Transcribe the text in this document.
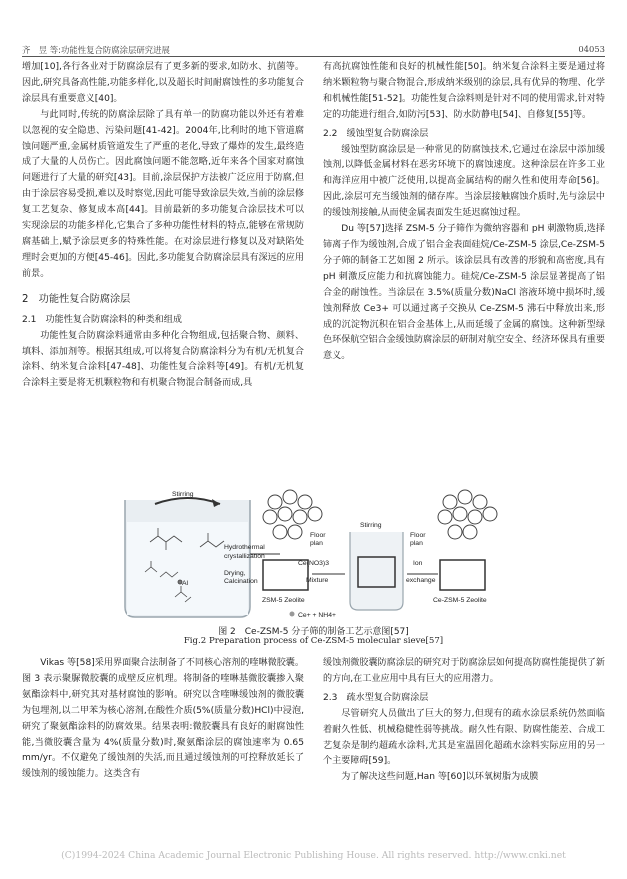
齐　昱 等:功能性复合防腐涂层研究进展	04053

增加[10],各行各业对于防腐涂层有了更多新的要求,如防水、抗菌等。因此,研究具备高性能,功能多样化,以及超长时间耐腐蚀性的多功能复合涂层具有重要意义[40]。

与此同时,传统的防腐涂层除了具有单一的防腐功能以外还有着难以忽视的安全隐患、污染问题[41-42]。2004年,比利时的地下管道腐蚀问题严重,金属材质管道发生了严重的老化,导致了爆炸的发生,最终造成了大量的人员伤亡。因此腐蚀问题不能忽略,近年来各个国家对腐蚀问题进行了大量的研究[43]。目前,涂层保护方法被广泛应用于防腐,但由于涂层容易受损,难以及时察觉,因此可能导致涂层失效,当前的涂层修复工艺复杂、修复成本高[44]。目前最新的多功能复合涂层技术可以实现涂层的功能多样化,它集合了多种功能性材料的特点,能够在常规防腐基础上,赋予涂层更多的特殊性能。在对涂层进行修复以及对缺陷处理时会更加的方便[45-46]。因此,多功能复合防腐涂层具有深远的应用前景。

2　功能性复合防腐涂层

2.1　功能性复合防腐涂料的种类和组成

功能性复合防腐涂料通常由多种化合物组成,包括聚合物、颜料、填料、添加剂等。根据其组成,可以将复合防腐涂料分为有机/无机复合涂料、纳米复合涂料[47-48]、功能性复合涂料等[49]。有机/无机复合涂料主要是将无机颗粒物和有机聚合物混合制备而成,具

有高抗腐蚀性能和良好的机械性能[50]。纳米复合涂料主要是通过将纳米颗粒物与聚合物混合,形成纳米级别的涂层,具有优异的物理、化学和机械性能[51-52]。功能性复合涂料则是针对不同的使用需求,针对特定的功能进行组合,如防污[53]、防水防静电[54]、自修复[55]等。

2.2　缓蚀型复合防腐涂层

缓蚀型防腐涂层是一种常见的防腐蚀技术,它通过在涂层中添加缓蚀剂,以降低金属材料在恶劣环境下的腐蚀速度。这种涂层在许多工业和海洋应用中被广泛使用,以提高金属结构的耐久性和使用寿命[56]。因此,涂层可充当缓蚀剂的储存库。当涂层接触腐蚀介质时,先与涂层中的缓蚀剂接触,从而使金属表面发生延迟腐蚀过程。

Du 等[57]选择 ZSM-5 分子筛作为微纳容器和 pH 刺激物质,选择铈离子作为缓蚀剂,合成了铝合金表面硅烷/Ce-ZSM-5 涂层,Ce-ZSM-5 分子筛的制备工艺如图 2 所示。该涂层具有改善的形貌和高密度,具有 pH 刺激反应能力和抗腐蚀能力。硅烷/Ce-ZSM-5 涂层显著提高了铝合金的耐蚀性。当涂层在 3.5%(质量分数)NaCl 溶液环境中损坏时,缓蚀剂释放 Ce3+ 可以通过离子交换从 Ce-ZSM-5 沸石中释放出来,形成的沉淀物沉积在铝合金基体上,从而延缓了金属的腐蚀。这种新型绿色环保航空铝合金缓蚀防腐涂层的研制对航空安全、经济环保具有重要意义。

Stirring
Al
Hydrothermal
crystallization
Drying,
Calcination
Floor
plan
ZSM-5 Zeolite
Ce(NO3)3
Mixture
Stirring
Ion
exchange
Floor
plan
Ce-ZSM-5 Zeolite
Ce+ + NH4+
图 2　Ce-ZSM-5 分子筛的制备工艺示意图[57]
Fig.2 Preparation process of Ce-ZSM-5 molecular sieve[57]

Vikas 等[58]采用界面聚合法制备了不同核心溶剂的喹啉微胶囊。图 3 表示聚脲微胶囊的成壁反应机理。将制备的喹啉基微胶囊掺入聚氨酯涂料中,研究其对基材腐蚀的影响。研究以含喹啉缓蚀剂的微胶囊为包埋剂,以二甲苯为核心溶剂,在酸性介质(5%(质量分数)HCl)中浸泡,研究了聚氨酯涂料的防腐效果。结果表明:微胶囊具有良好的耐腐蚀性能,当微胶囊含量为 4%(质量分数)时,聚氨酯涂层的腐蚀速率为 0.65 mm/yr。不仅避免了缓蚀剂的失活,而且通过缓蚀剂的可控释放延长了缓蚀剂的缓蚀能力。这类含有

缓蚀剂微胶囊防腐涂层的研究对于防腐涂层如何提高防腐性能提供了新的方向,在工业应用中具有巨大的应用潜力。

2.3　疏水型复合防腐涂层

尽管研究人员做出了巨大的努力,但现有的疏水涂层系统仍然面临着耐久性低、机械稳健性弱等挑战。耐久性有限、防腐性能差、合成工艺复杂是制约超疏水涂料,尤其是室温固化超疏水涂料实际应用的另一个主要障碍[59]。

为了解决这些问题,Han 等[60]以环氧树脂为成膜

(C)1994-2024 China Academic Journal Electronic Publishing House. All rights reserved. http://www.cnki.net
